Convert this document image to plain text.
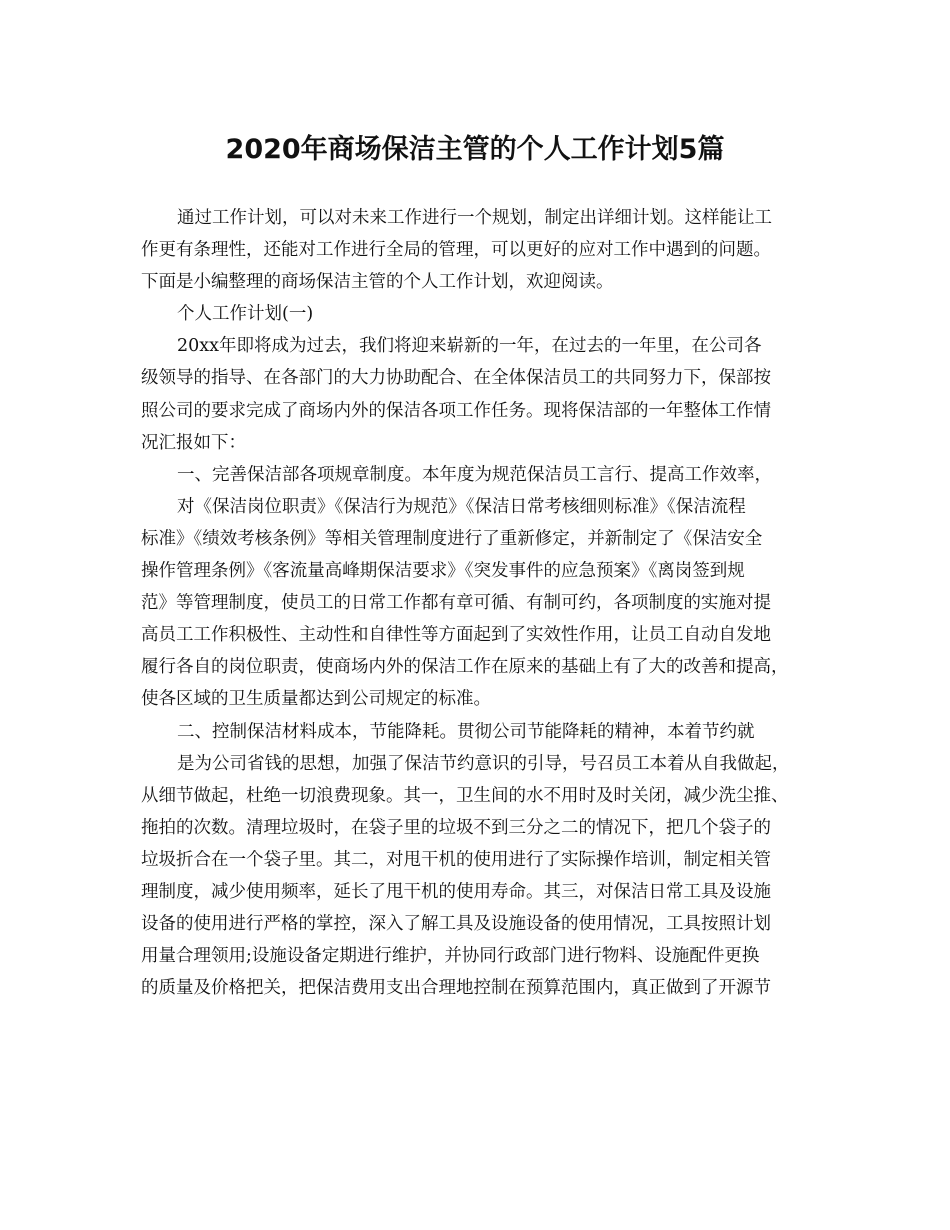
2020年商场保洁主管的个人工作计划5篇
通过工作计划，可以对未来工作进行一个规划，制定出详细计划。这样能让工
作更有条理性，还能对工作进行全局的管理，可以更好的应对工作中遇到的问题。
下面是小编整理的商场保洁主管的个人工作计划，欢迎阅读。
个人工作计划(一)
20xx年即将成为过去，我们将迎来崭新的一年，在过去的一年里，在公司各
级领导的指导、在各部门的大力协助配合、在全体保洁员工的共同努力下，保部按
照公司的要求完成了商场内外的保洁各项工作任务。现将保洁部的一年整体工作情
况汇报如下：
一、完善保洁部各项规章制度。本年度为规范保洁员工言行、提高工作效率，
对《保洁岗位职责》《保洁行为规范》《保洁日常考核细则标准》《保洁流程
标准》《绩效考核条例》等相关管理制度进行了重新修定，并新制定了《保洁安全
操作管理条例》《客流量高峰期保洁要求》《突发事件的应急预案》《离岗签到规
范》等管理制度，使员工的日常工作都有章可循、有制可约，各项制度的实施对提
高员工工作积极性、主动性和自律性等方面起到了实效性作用，让员工自动自发地
履行各自的岗位职责，使商场内外的保洁工作在原来的基础上有了大的改善和提高，
使各区域的卫生质量都达到公司规定的标准。
二、控制保洁材料成本，节能降耗。贯彻公司节能降耗的精神，本着节约就
是为公司省钱的思想，加强了保洁节约意识的引导，号召员工本着从自我做起，
从细节做起，杜绝一切浪费现象。其一，卫生间的水不用时及时关闭，减少洗尘推、
拖拍的次数。清理垃圾时，在袋子里的垃圾不到三分之二的情况下，把几个袋子的
垃圾折合在一个袋子里。其二，对甩干机的使用进行了实际操作培训，制定相关管
理制度，减少使用频率，延长了甩干机的使用寿命。其三，对保洁日常工具及设施
设备的使用进行严格的掌控，深入了解工具及设施设备的使用情况，工具按照计划
用量合理领用;设施设备定期进行维护，并协同行政部门进行物料、设施配件更换
的质量及价格把关，把保洁费用支出合理地控制在预算范围内，真正做到了开源节
